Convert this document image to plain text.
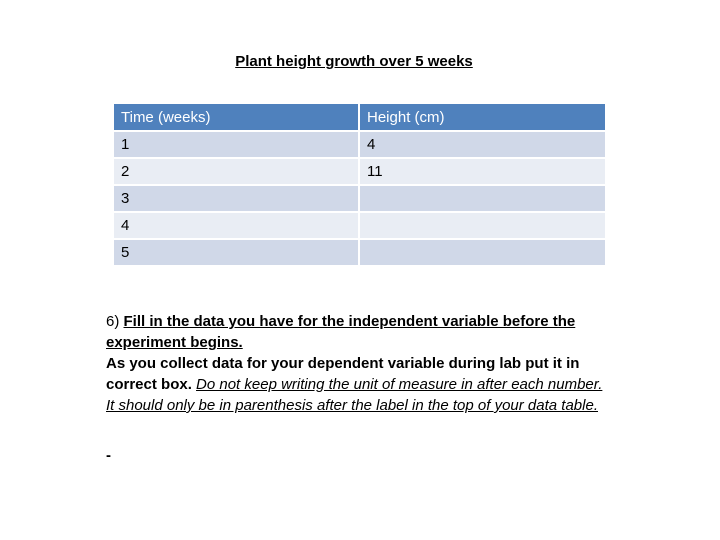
Plant height growth over 5 weeks
Time (weeks)	Height (cm)
1	4
2	11
3	
4	
5	
6) Fill in the data you have for the independent variable before the experiment begins.
As you collect data for your dependent variable during lab put it in correct box. Do not keep writing the unit of measure in after each number. It should only be in parenthesis after the label in the top of your data table.
-
